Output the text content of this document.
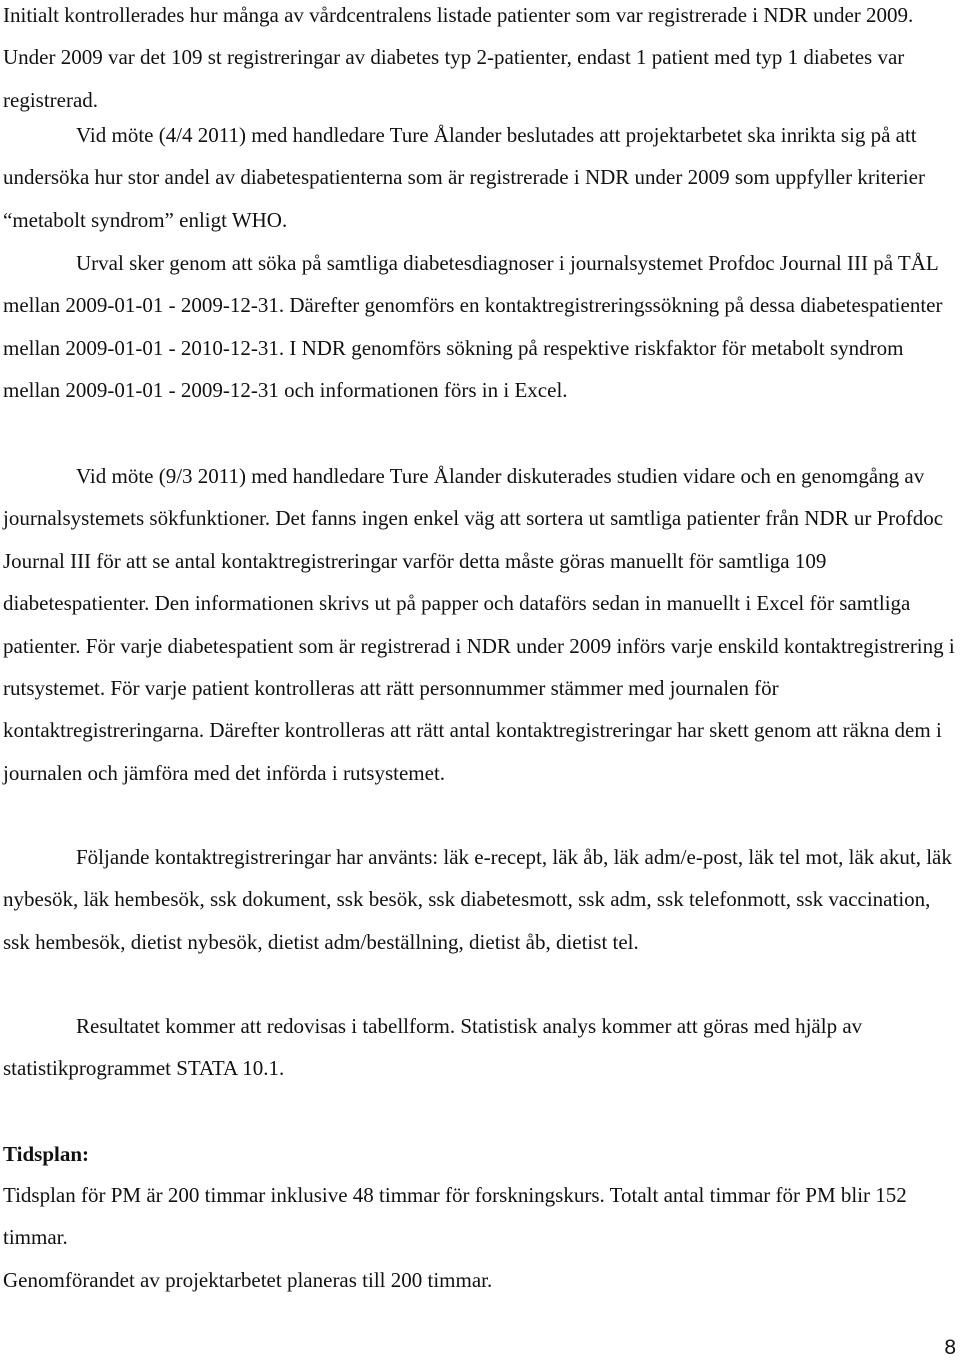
Initialt kontrollerades hur många av vårdcentralens listade patienter som var registrerade i NDR under 2009. Under 2009 var det 109 st registreringar av diabetes typ 2-patienter, endast 1 patient med typ 1 diabetes var registrerad.

Vid möte (4/4 2011) med handledare Ture Ålander beslutades att projektarbetet ska inrikta sig på att undersöka hur stor andel av diabetespatienterna som är registrerade i NDR under 2009 som uppfyller kriterier “metabolt syndrom” enligt WHO.

Urval sker genom att söka på samtliga diabetesdiagnoser i journalsystemet Profdoc Journal III på TÅL mellan 2009-01-01 - 2009-12-31. Därefter genomförs en kontaktregistreringssökning på dessa diabetespatienter mellan 2009-01-01 - 2010-12-31. I NDR genomförs sökning på respektive riskfaktor för metabolt syndrom mellan 2009-01-01 - 2009-12-31 och informationen förs in i Excel.

Vid möte (9/3 2011) med handledare Ture Ålander diskuterades studien vidare och en genomgång av journalsystemets sökfunktioner. Det fanns ingen enkel väg att sortera ut samtliga patienter från NDR ur Profdoc Journal III för att se antal kontaktregistreringar varför detta måste göras manuellt för samtliga 109 diabetespatienter. Den informationen skrivs ut på papper och dataförs sedan in manuellt i Excel för samtliga patienter. För varje diabetespatient som är registrerad i NDR under 2009 införs varje enskild kontaktregistrering i rutsystemet. För varje patient kontrolleras att rätt personnummer stämmer med journalen för kontaktregistreringarna. Därefter kontrolleras att rätt antal kontaktregistreringar har skett genom att räkna dem i journalen och jämföra med det införda i rutsystemet.

Följande kontaktregistreringar har använts: läk e-recept, läk åb, läk adm/e-post, läk tel mot, läk akut, läk nybesök, läk hembesök, ssk dokument, ssk besök, ssk diabetesmott, ssk adm, ssk telefonmott, ssk vaccination, ssk hembesök, dietist nybesök, dietist adm/beställning, dietist åb, dietist tel.

Resultatet kommer att redovisas i tabellform. Statistisk analys kommer att göras med hjälp av statistikprogrammet STATA 10.1.

Tidsplan:

Tidsplan för PM är 200 timmar inklusive 48 timmar för forskningskurs. Totalt antal timmar för PM blir 152 timmar.

Genomförandet av projektarbetet planeras till 200 timmar.

8
